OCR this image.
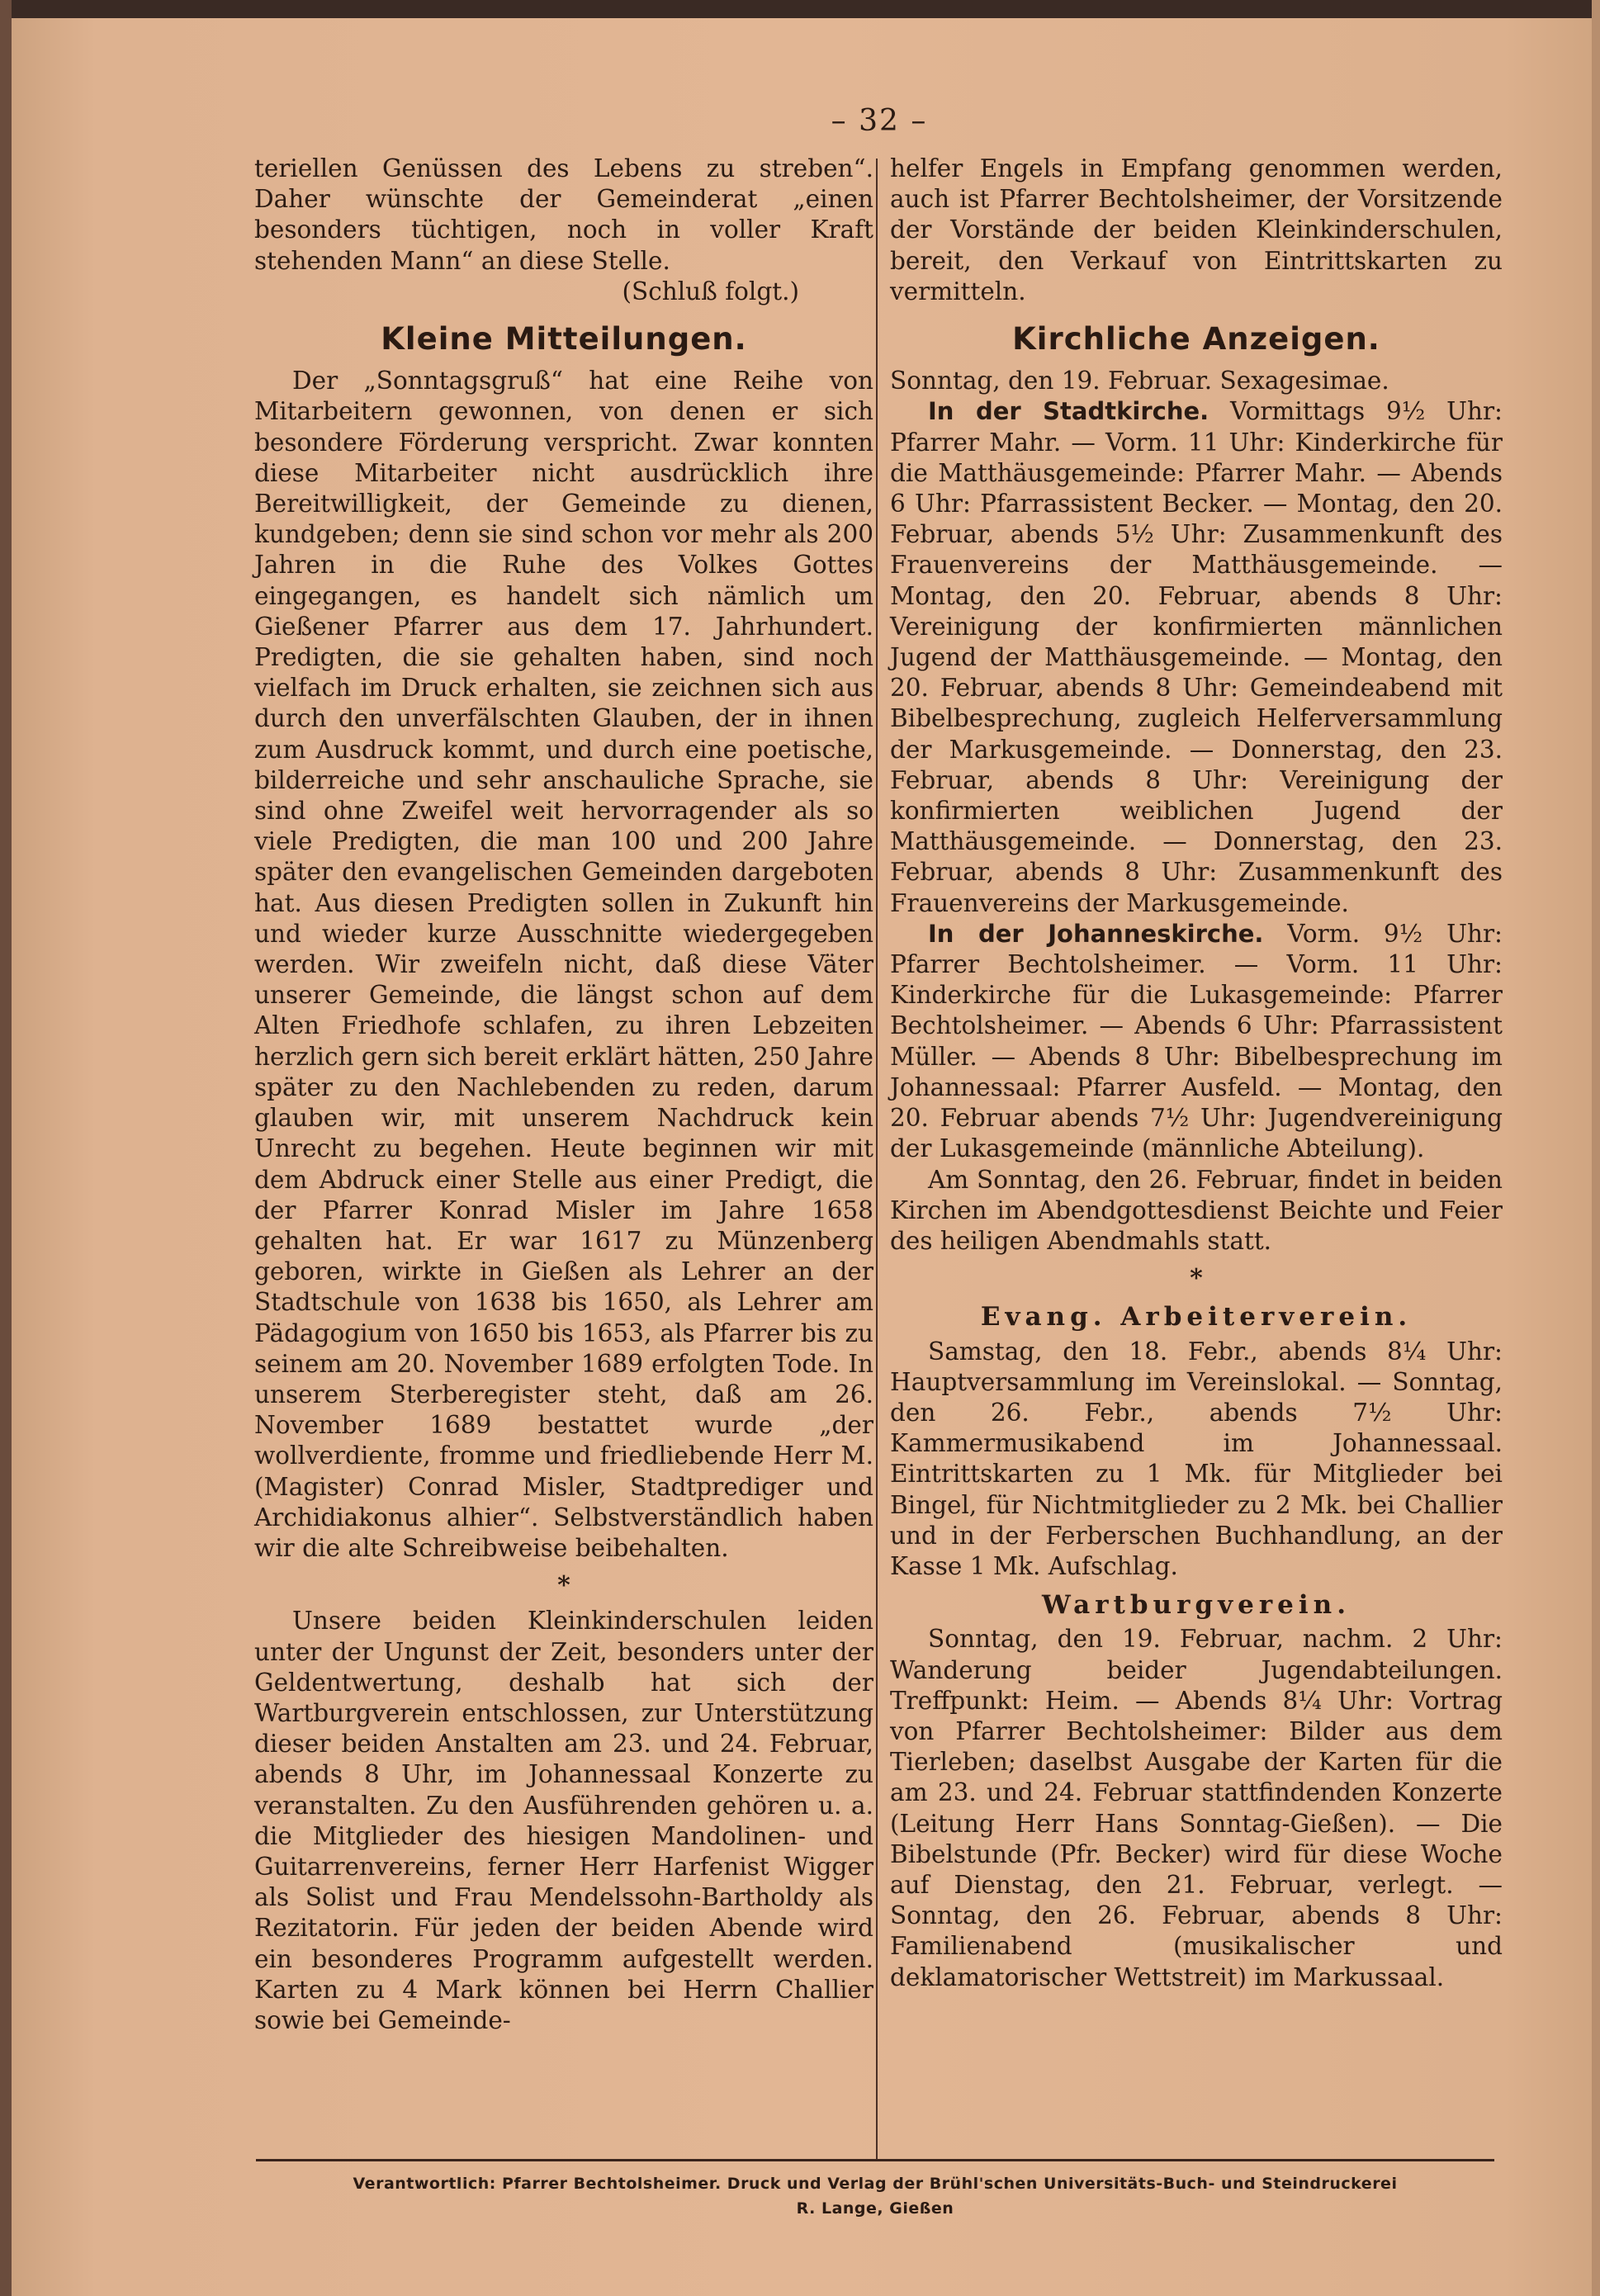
– 32 –

teriellen Genüssen des Lebens zu streben“. Daher wünschte der Gemeinderat „einen besonders tüchtigen, noch in voller Kraft stehenden Mann“ an diese Stelle.

(Schluß folgt.)

Kleine Mitteilungen.

Der „Sonntagsgruß“ hat eine Reihe von Mitarbeitern gewonnen, von denen er sich besondere Förderung verspricht. Zwar konnten diese Mitarbeiter nicht ausdrücklich ihre Bereitwilligkeit, der Gemeinde zu dienen, kundgeben; denn sie sind schon vor mehr als 200 Jahren in die Ruhe des Volkes Gottes eingegangen, es handelt sich nämlich um Gießener Pfarrer aus dem 17. Jahrhundert. Predigten, die sie gehalten haben, sind noch vielfach im Druck erhalten, sie zeichnen sich aus durch den unverfälschten Glauben, der in ihnen zum Ausdruck kommt, und durch eine poetische, bilderreiche und sehr anschauliche Sprache, sie sind ohne Zweifel weit hervorragender als so viele Predigten, die man 100 und 200 Jahre später den evangelischen Gemeinden dargeboten hat. Aus diesen Predigten sollen in Zukunft hin und wieder kurze Ausschnitte wiedergegeben werden. Wir zweifeln nicht, daß diese Väter unserer Gemeinde, die längst schon auf dem Alten Friedhofe schlafen, zu ihren Lebzeiten herzlich gern sich bereit erklärt hätten, 250 Jahre später zu den Nachlebenden zu reden, darum glauben wir, mit unserem Nachdruck kein Unrecht zu begehen. Heute beginnen wir mit dem Abdruck einer Stelle aus einer Predigt, die der Pfarrer Konrad Misler im Jahre 1658 gehalten hat. Er war 1617 zu Münzenberg geboren, wirkte in Gießen als Lehrer an der Stadtschule von 1638 bis 1650, als Lehrer am Pädagogium von 1650 bis 1653, als Pfarrer bis zu seinem am 20. November 1689 erfolgten Tode. In unserem Sterberegister steht, daß am 26. November 1689 bestattet wurde „der wollverdiente, fromme und friedliebende Herr M. (Magister) Conrad Misler, Stadtprediger und Archidiakonus alhier“. Selbstverständlich haben wir die alte Schreibweise beibehalten.

*

Unsere beiden Kleinkinderschulen leiden unter der Ungunst der Zeit, besonders unter der Geldentwertung, deshalb hat sich der Wartburgverein entschlossen, zur Unterstützung dieser beiden Anstalten am 23. und 24. Februar, abends 8 Uhr, im Johannessaal Konzerte zu veranstalten. Zu den Ausführenden gehören u. a. die Mitglieder des hiesigen Mandolinen- und Guitarrenvereins, ferner Herr Harfenist Wigger als Solist und Frau Mendelssohn-Bartholdy als Rezitatorin. Für jeden der beiden Abende wird ein besonderes Programm aufgestellt werden. Karten zu 4 Mark können bei Herrn Challier sowie bei Gemeinde-

helfer Engels in Empfang genommen werden, auch ist Pfarrer Bechtolsheimer, der Vorsitzende der Vorstände der beiden Kleinkinderschulen, bereit, den Verkauf von Eintrittskarten zu vermitteln.

Kirchliche Anzeigen.

Sonntag, den 19. Februar. Sexagesimae.

In der Stadtkirche. Vormittags 9½ Uhr: Pfarrer Mahr. — Vorm. 11 Uhr: Kinderkirche für die Matthäusgemeinde: Pfarrer Mahr. — Abends 6 Uhr: Pfarrassistent Becker. — Montag, den 20. Februar, abends 5½ Uhr: Zusammenkunft des Frauenvereins der Matthäusgemeinde. — Montag, den 20. Februar, abends 8 Uhr: Vereinigung der konfirmierten männlichen Jugend der Matthäusgemeinde. — Montag, den 20. Februar, abends 8 Uhr: Gemeindeabend mit Bibelbesprechung, zugleich Helferversammlung der Markusgemeinde. — Donnerstag, den 23. Februar, abends 8 Uhr: Vereinigung der konfirmierten weiblichen Jugend der Matthäusgemeinde. — Donnerstag, den 23. Februar, abends 8 Uhr: Zusammenkunft des Frauenvereins der Markusgemeinde.

In der Johanneskirche. Vorm. 9½ Uhr: Pfarrer Bechtolsheimer. — Vorm. 11 Uhr: Kinderkirche für die Lukasgemeinde: Pfarrer Bechtolsheimer. — Abends 6 Uhr: Pfarrassistent Müller. — Abends 8 Uhr: Bibelbesprechung im Johannessaal: Pfarrer Ausfeld. — Montag, den 20. Februar abends 7½ Uhr: Jugendvereinigung der Lukasgemeinde (männliche Abteilung).

Am Sonntag, den 26. Februar, findet in beiden Kirchen im Abendgottesdienst Beichte und Feier des heiligen Abendmahls statt.

*
Evang. Arbeiterverein.

Samstag, den 18. Febr., abends 8¼ Uhr: Hauptversammlung im Vereinslokal. — Sonntag, den 26. Febr., abends 7½ Uhr: Kammermusikabend im Johannessaal. Eintrittskarten zu 1 Mk. für Mitglieder bei Bingel, für Nichtmitglieder zu 2 Mk. bei Challier und in der Ferberschen Buchhandlung, an der Kasse 1 Mk. Aufschlag.

Wartburgverein.

Sonntag, den 19. Februar, nachm. 2 Uhr: Wanderung beider Jugendabteilungen. Treffpunkt: Heim. — Abends 8¼ Uhr: Vortrag von Pfarrer Bechtolsheimer: Bilder aus dem Tierleben; daselbst Ausgabe der Karten für die am 23. und 24. Februar stattfindenden Konzerte (Leitung Herr Hans Sonntag-Gießen). — Die Bibelstunde (Pfr. Becker) wird für diese Woche auf Dienstag, den 21. Februar, verlegt. — Sonntag, den 26. Februar, abends 8 Uhr: Familienabend (musikalischer und deklamatorischer Wettstreit) im Markussaal.

Verantwortlich: Pfarrer Bechtolsheimer. Druck und Verlag der Brühl'schen Universitäts-Buch- und Steindruckerei
R. Lange, Gießen
